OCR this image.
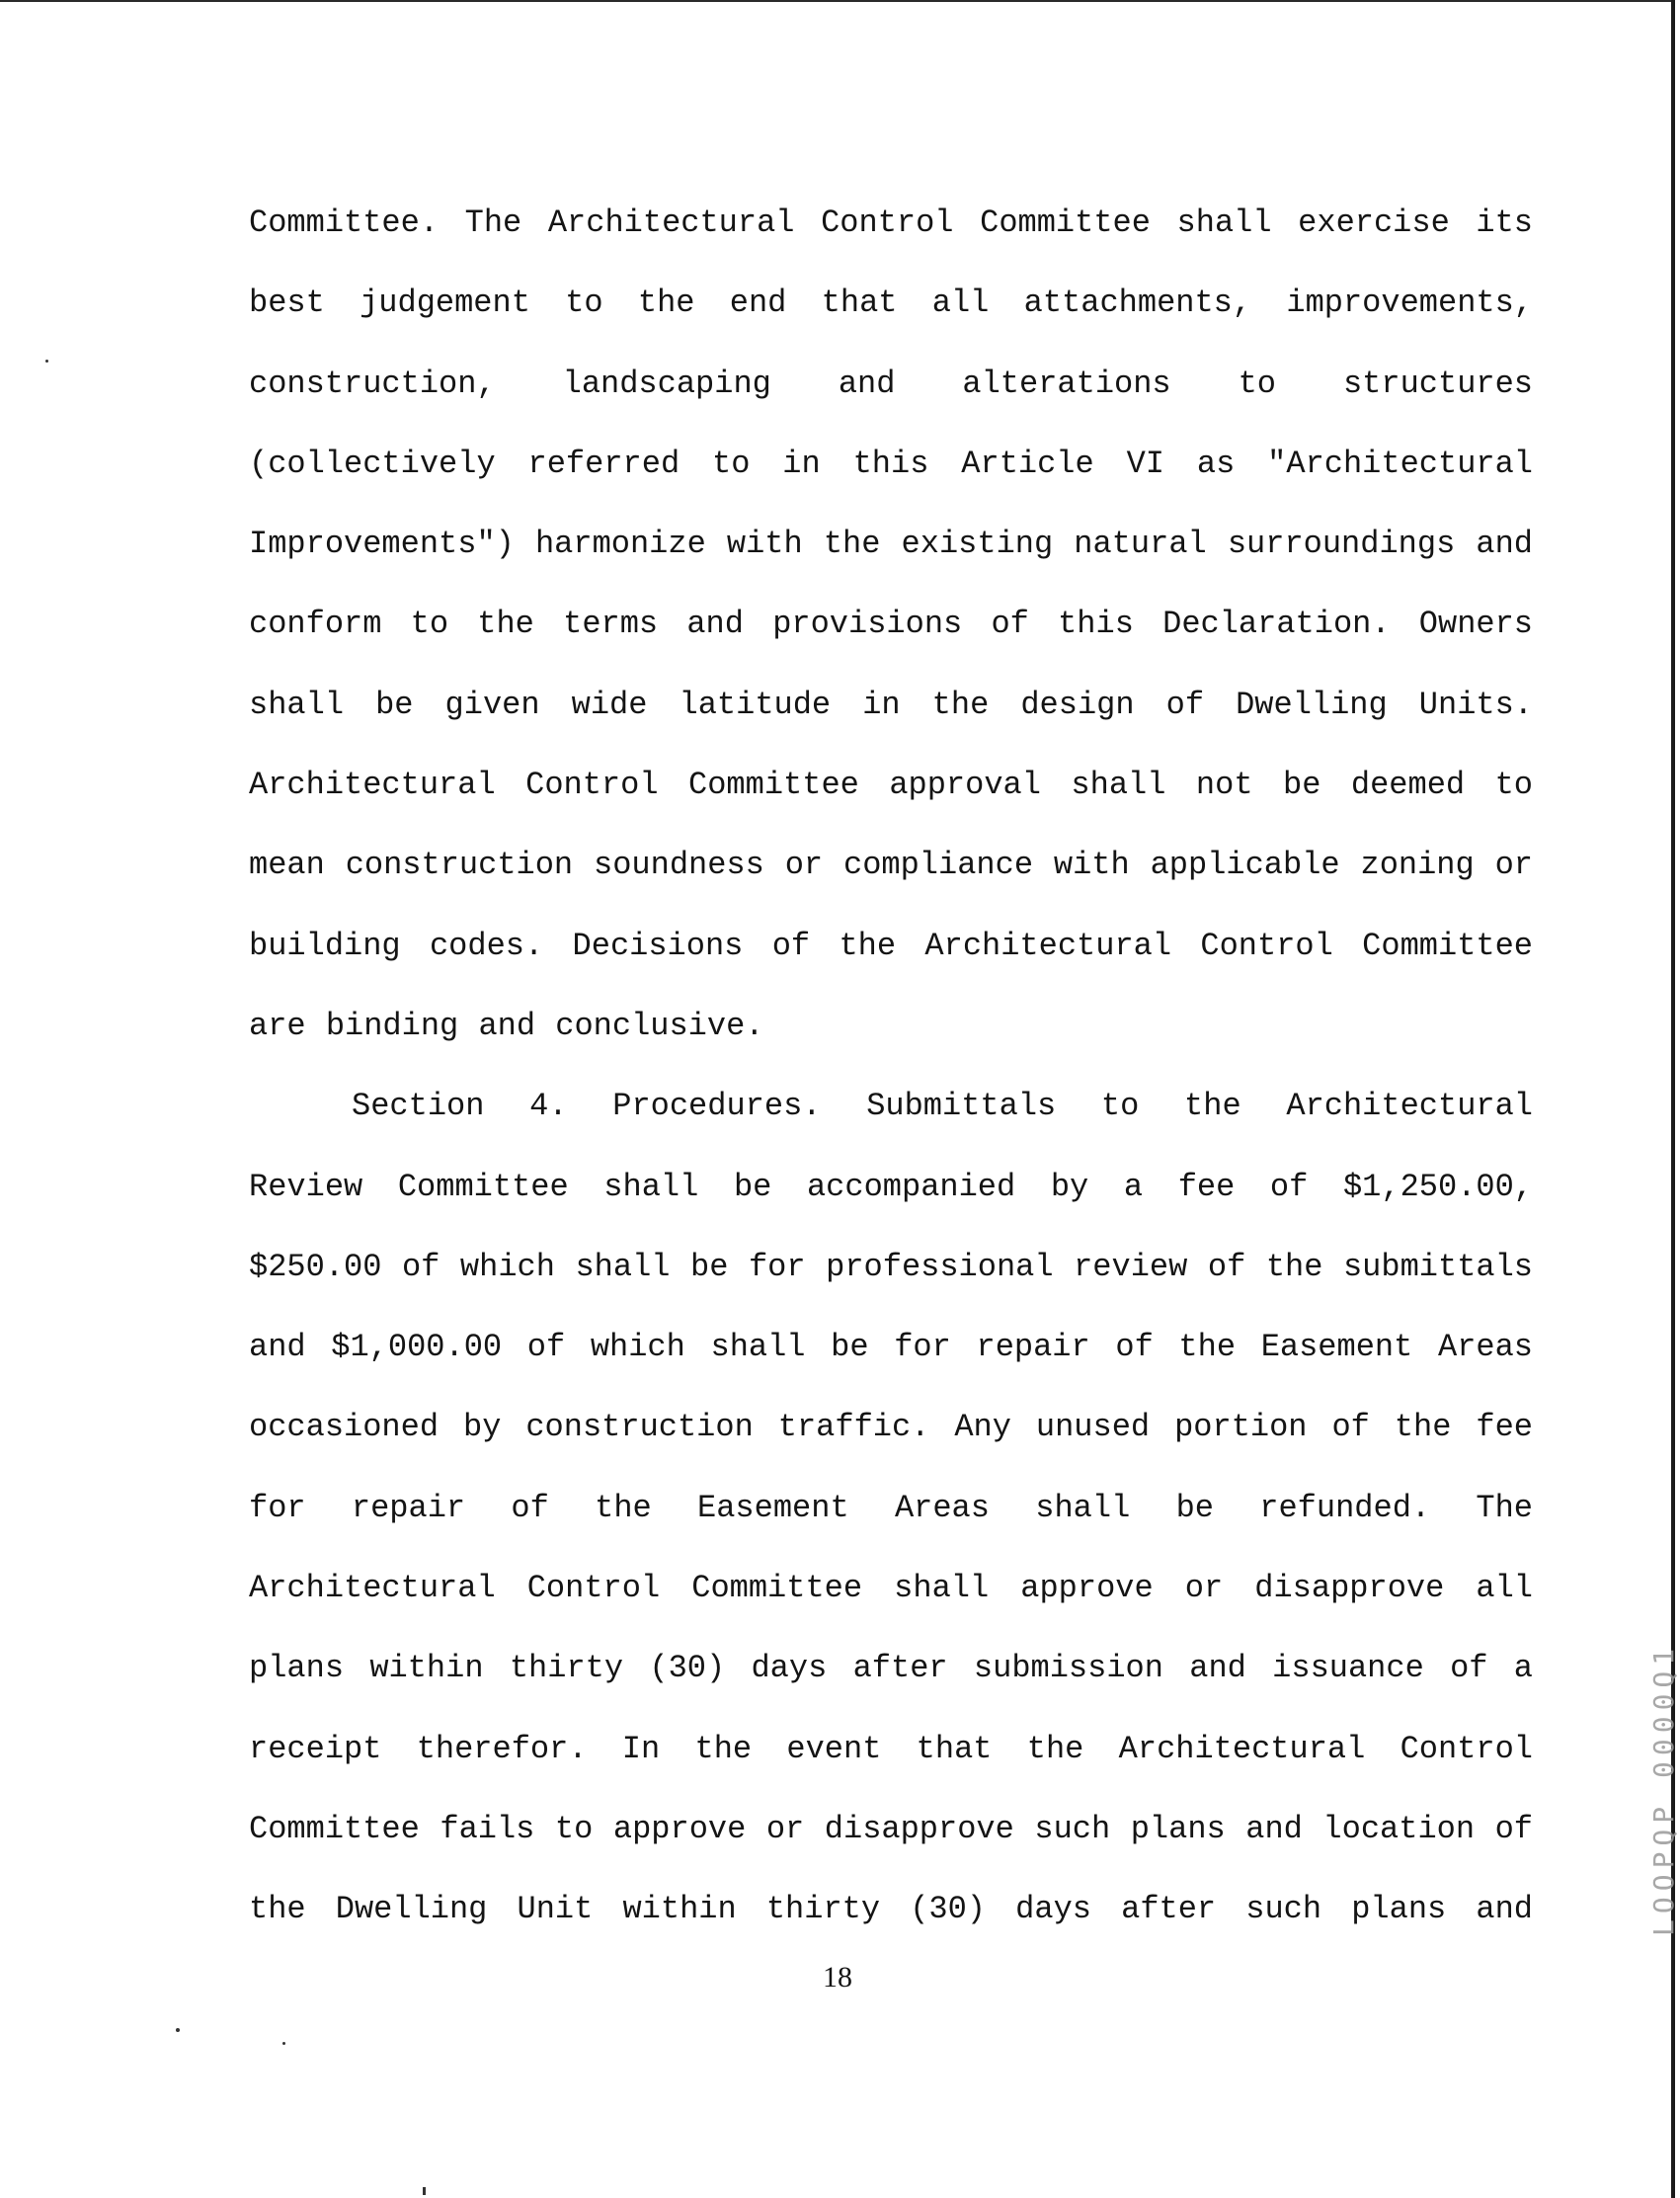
Committee. The Architectural Control Committee shall exercise its
best judgement to the end that all attachments, improvements,
construction, landscaping and alterations to structures
(collectively referred to in this Article VI as "Architectural
Improvements") harmonize with the existing natural surroundings and
conform to the terms and provisions of this Declaration. Owners
shall be given wide latitude in the design of Dwelling Units.
Architectural Control Committee approval shall not be deemed to
mean construction soundness or compliance with applicable zoning or
building codes. Decisions of the Architectural Control Committee
are binding and conclusive.
Section 4. Procedures. Submittals to the Architectural
Review Committee shall be accompanied by a fee of $1,250.00,
$250.00 of which shall be for professional review of the submittals
and $1,000.00 of which shall be for repair of the Easement Areas
occasioned by construction traffic. Any unused portion of the fee
for repair of the Easement Areas shall be refunded. The
Architectural Control Committee shall approve or disapprove all
plans within thirty (30) days after submission and issuance of a
receipt therefor. In the event that the Architectural Control
Committee fails to approve or disapprove such plans and location of
the Dwelling Unit within thirty (30) days after such plans and
18
LOOPQP 0000Q1
